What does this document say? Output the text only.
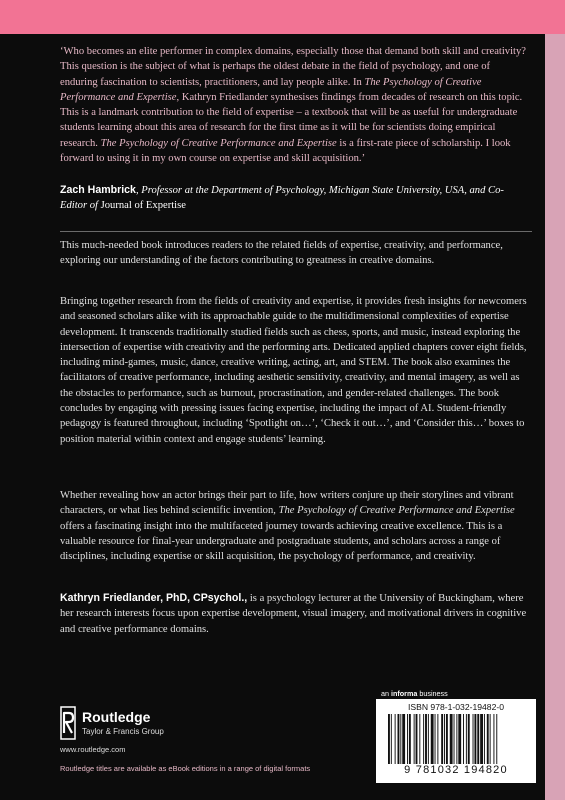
‘Who becomes an elite performer in complex domains, especially those that demand both skill and creativity? This question is the subject of what is perhaps the oldest debate in the field of psychology, and one of enduring fascination to scientists, practitioners, and lay people alike. In The Psychology of Creative Performance and Expertise, Kathryn Friedlander synthesises findings from decades of research on this topic. This is a landmark contribution to the field of expertise – a textbook that will be as useful for undergraduate students learning about this area of research for the first time as it will be for scientists doing empirical research. The Psychology of Creative Performance and Expertise is a first-rate piece of scholarship. I look forward to using it in my own course on expertise and skill acquisition.’

Zach Hambrick, Professor at the Department of Psychology, Michigan State University, USA, and Co-Editor of Journal of Expertise

This much-needed book introduces readers to the related fields of expertise, creativity, and performance, exploring our understanding of the factors contributing to greatness in creative domains.

Bringing together research from the fields of creativity and expertise, it provides fresh insights for newcomers and seasoned scholars alike with its approachable guide to the multidimensional complexities of expertise development. It transcends traditionally studied fields such as chess, sports, and music, instead exploring the intersection of expertise with creativity and the performing arts. Dedicated applied chapters cover eight fields, including mind-games, music, dance, creative writing, acting, art, and STEM. The book also examines the facilitators of creative performance, including aesthetic sensitivity, creativity, and mental imagery, as well as the obstacles to performance, such as burnout, procrastination, and gender-related challenges. The book concludes by engaging with pressing issues facing expertise, including the impact of AI. Student-friendly pedagogy is featured throughout, including ‘Spotlight on…’, ‘Check it out…’, and ‘Consider this…’ boxes to position material within context and engage students’ learning.

Whether revealing how an actor brings their part to life, how writers conjure up their storylines and vibrant characters, or what lies behind scientific invention, The Psychology of Creative Performance and Expertise offers a fascinating insight into the multifaceted journey towards achieving creative excellence. This is a valuable resource for final-year undergraduate and postgraduate students, and scholars across a range of disciplines, including expertise or skill acquisition, the psychology of performance, and creativity.

Kathryn Friedlander, PhD, CPsychol., is a psychology lecturer at the University of Buckingham, where her research interests focus upon expertise development, visual imagery, and motivational drivers in cognitive and creative performance domains.

Routledge
Taylor & Francis Group
www.routledge.com
Routledge titles are available as eBook editions in a range of digital formats
an informa business
ISBN 978-1-032-19482-0
9 781032 194820
